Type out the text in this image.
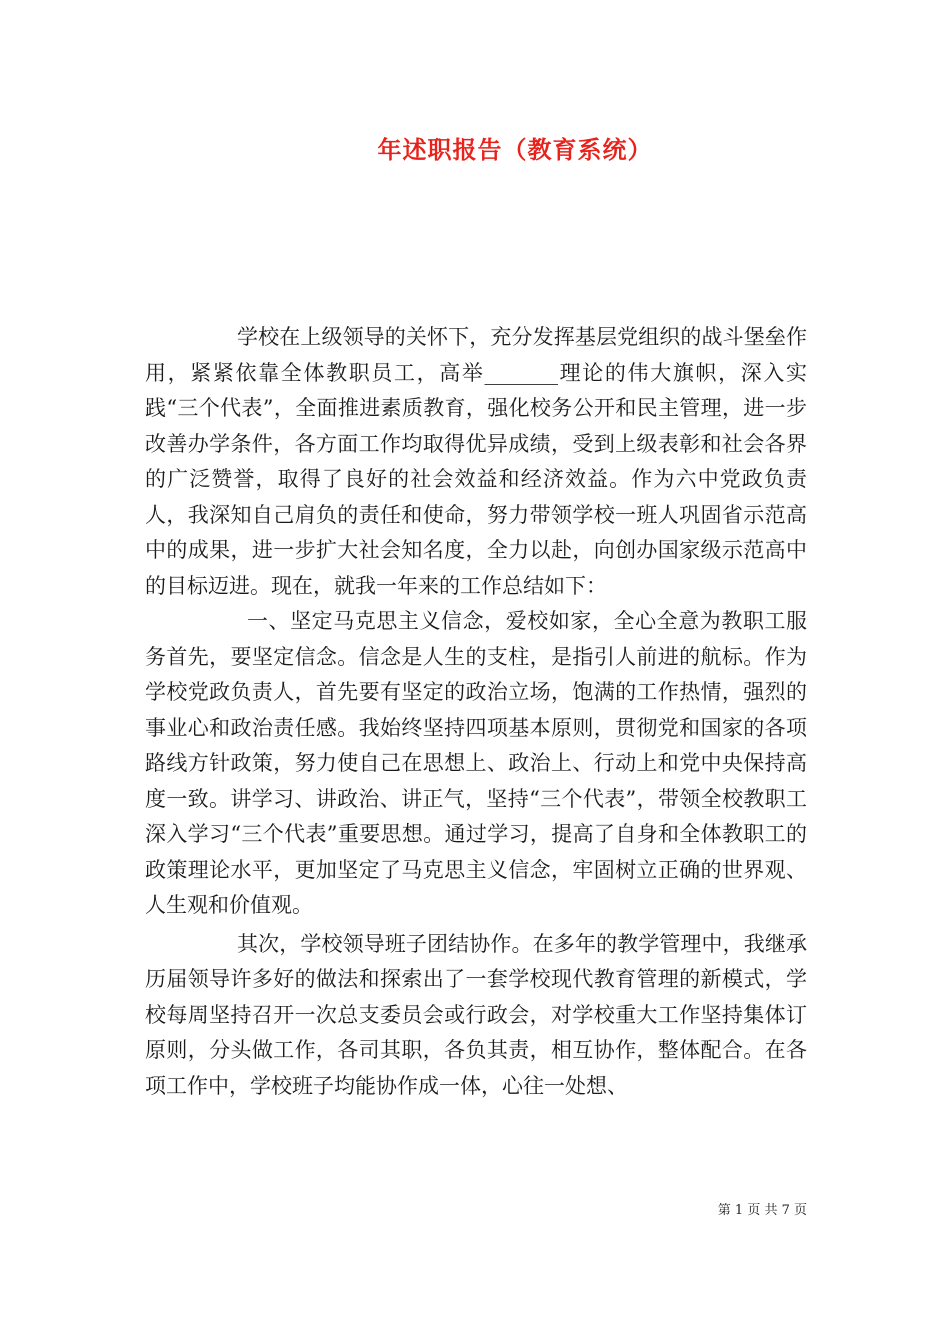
年述职报告（教育系统）

学校在上级领导的关怀下，充分发挥基层党组织的战斗堡垒作用，紧紧依靠全体教职员工，高举_______理论的伟大旗帜，深入实践“三个代表”，全面推进素质教育，强化校务公开和民主管理，进一步改善办学条件，各方面工作均取得优异成绩，受到上级表彰和社会各界的广泛赞誉，取得了良好的社会效益和经济效益。作为六中党政负责人，我深知自己肩负的责任和使命，努力带领学校一班人巩固省示范高中的成果，进一步扩大社会知名度，全力以赴，向创办国家级示范高中的目标迈进。现在，就我一年来的工作总结如下：

一、坚定马克思主义信念，爱校如家，全心全意为教职工服务首先，要坚定信念。信念是人生的支柱，是指引人前进的航标。作为学校党政负责人，首先要有坚定的政治立场，饱满的工作热情，强烈的事业心和政治责任感。我始终坚持四项基本原则，贯彻党和国家的各项路线方针政策，努力使自己在思想上、政治上、行动上和党中央保持高度一致。讲学习、讲政治、讲正气，坚持“三个代表”，带领全校教职工深入学习“三个代表”重要思想。通过学习，提高了自身和全体教职工的政策理论水平，更加坚定了马克思主义信念，牢固树立正确的世界观、人生观和价值观。

其次，学校领导班子团结协作。在多年的教学管理中，我继承历届领导许多好的做法和探索出了一套学校现代教育管理的新模式，学校每周坚持召开一次总支委员会或行政会，对学校重大工作坚持集体订原则，分头做工作，各司其职，各负其责，相互协作，整体配合。在各项工作中，学校班子均能协作成一体，心往一处想、

第 1 页 共 7 页
